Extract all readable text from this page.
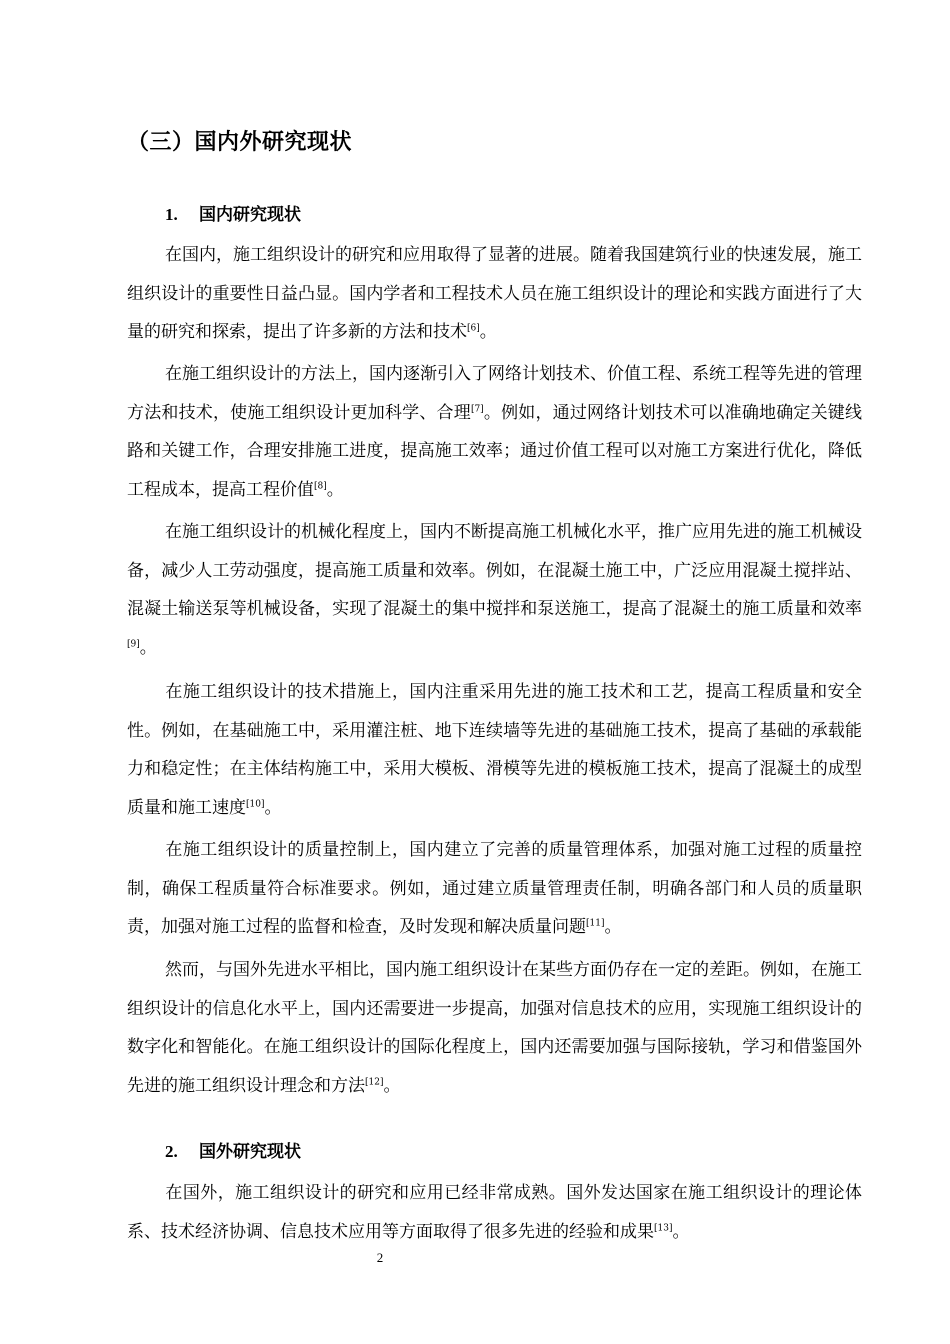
（三）国内外研究现状
1. 国内研究现状

在国内，施工组织设计的研究和应用取得了显著的进展。随着我国建筑行业的快速发展，施工组织设计的重要性日益凸显。国内学者和工程技术人员在施工组织设计的理论和实践方面进行了大量的研究和探索，提出了许多新的方法和技术[6]。

在施工组织设计的方法上，国内逐渐引入了网络计划技术、价值工程、系统工程等先进的管理方法和技术，使施工组织设计更加科学、合理[7]。例如，通过网络计划技术可以准确地确定关键线路和关键工作，合理安排施工进度，提高施工效率；通过价值工程可以对施工方案进行优化，降低工程成本，提高工程价值[8]。

在施工组织设计的机械化程度上，国内不断提高施工机械化水平，推广应用先进的施工机械设备，减少人工劳动强度，提高施工质量和效率。例如，在混凝土施工中，广泛应用混凝土搅拌站、混凝土输送泵等机械设备，实现了混凝土的集中搅拌和泵送施工，提高了混凝土的施工质量和效率[9]。

在施工组织设计的技术措施上，国内注重采用先进的施工技术和工艺，提高工程质量和安全性。例如，在基础施工中，采用灌注桩、地下连续墙等先进的基础施工技术，提高了基础的承载能力和稳定性；在主体结构施工中，采用大模板、滑模等先进的模板施工技术，提高了混凝土的成型质量和施工速度[10]。

在施工组织设计的质量控制上，国内建立了完善的质量管理体系，加强对施工过程的质量控制，确保工程质量符合标准要求。例如，通过建立质量管理责任制，明确各部门和人员的质量职责，加强对施工过程的监督和检查，及时发现和解决质量问题[11]。

然而，与国外先进水平相比，国内施工组织设计在某些方面仍存在一定的差距。例如，在施工组织设计的信息化水平上，国内还需要进一步提高，加强对信息技术的应用，实现施工组织设计的数字化和智能化。在施工组织设计的国际化程度上，国内还需要加强与国际接轨，学习和借鉴国外先进的施工组织设计理念和方法[12]。

2. 国外研究现状

在国外，施工组织设计的研究和应用已经非常成熟。国外发达国家在施工组织设计的理论体系、技术经济协调、信息技术应用等方面取得了很多先进的经验和成果[13]。

2
